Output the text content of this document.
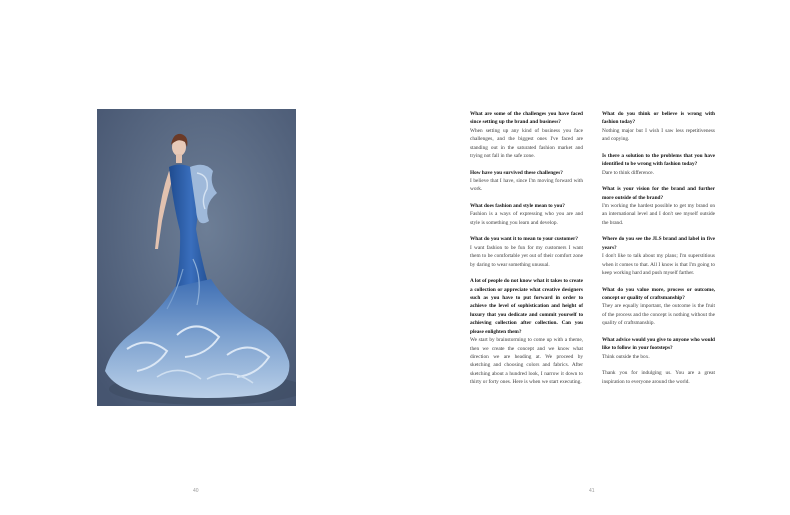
40
What are some of the challenges you have faced since setting up the brand and business?
When setting up any kind of business you face challenges, and the biggest ones I've faced are standing out in the saturated fashion market and trying not fall in the safe zone.
How have you survived these challenges?
I believe that I have, since I'm moving forward with work.
What does fashion and style mean to you?
Fashion is a ways of expressing who you are and style is something you learn and develop.
What do you want it to mean to your customer?
I want fashion to be fun for my customers I want them to be comfortable yet out of their comfort zone by daring to wear something unusual.
A lot of people do not know what it takes to create a collection or appreciate what creative designers such as you have to put forward in order to achieve the level of sophistication and height of luxury that you dedicate and commit yourself to achieving collection after collection. Can you please enlighten them?
We start by brainstorming to come up with a theme, then we create the concept and we know what direction we are heading at. We proceed by sketching and choosing colors and fabrics. After sketching about a hundred look, I narrow it down to thirty or forty ones. Here is when we start executing.
What do you think or believe is wrong with fashion today?
Nothing major but I wish I saw less repetitiveness and copying.
Is there a solution to the problems that you have identified to be wrong with fashion today?
Dare to think difference.
What is your vision for the brand and further more outside of the brand?
I'm working the hardest possible to get my brand on an international level and I don't see myself outside the brand.
Where do you see the JLS brand and label in five years?
I don't like to talk about my plans; I'm superstitious when it comes to that. All I know is that I'm going to keep working hard and push myself farther.
What do you value more, process or outcome, concept or quality of craftsmanship?
They are equally important, the outcome is the fruit of the process and the concept is nothing without the quality of craftsmanship.
What advice would you give to anyone who would like to follow in your footsteps?
Think outside the box.
Thank you for indulging us. You are a great inspiration to everyone around the world.
41
